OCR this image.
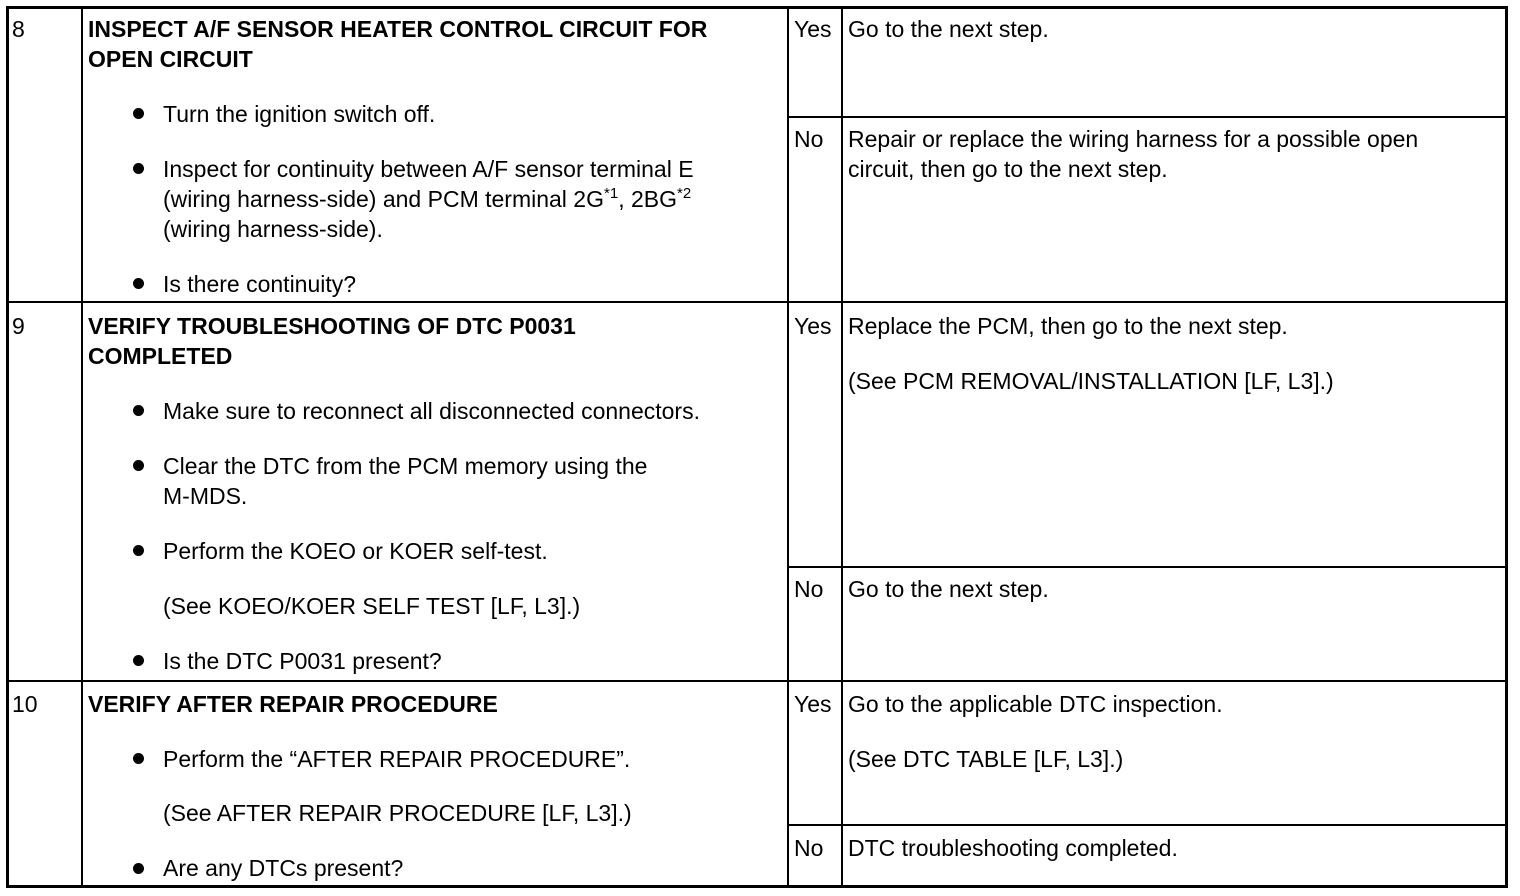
8	INSPECT A/F SENSOR HEATER CONTROL CIRCUIT FOR
OPEN CIRCUIT
Turn the ignition switch off.
Inspect for continuity between A/F sensor terminal E
(wiring harness-side) and PCM terminal $2G^{*1}$, 2BG$^{*2}$
(wiring harness-side).
Is there continuity?
Yes Go to the next step.
No Repair or replace the wiring harness for a possible open
circuit, then go to the next step.
9	VERIFY TROUBLESHOOTING OF DTC P0031
COMPLETED
Make sure to reconnect all disconnected connectors.
Clear the DTC from the PCM memory using the
M-MDS.
Perform the KOEO or KOER self-test.
(See KOEO/KOER SELF TEST [LF, L3].)
Is the DTC P0031 present?
Yes Replace the PCM, then go to the next step.
(See PCM REMOVAL/INSTALLATION [LF, L3].)
No Go to the next step.
10 VERIFY AFTER REPAIR PROCEDURE
Perform the “AFTER REPAIR PROCEDURE”.
(See AFTER REPAIR PROCEDURE [LF, L3].)
Are any DTCs present?
Yes Go to the applicable DTC inspection.
(See DTC TABLE [LF, L3].)
No DTC troubleshooting completed.
